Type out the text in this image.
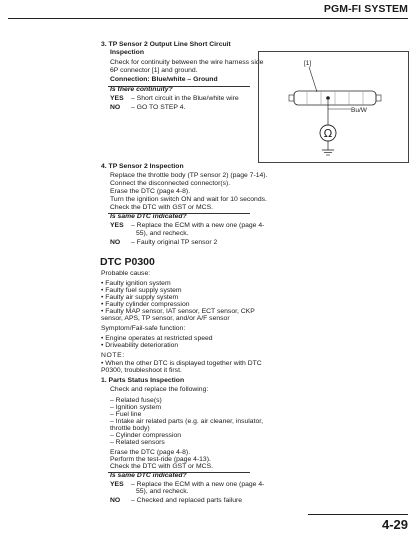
PGM-FI SYSTEM
3. TP Sensor 2 Output Line Short Circuit
Inspection
Check for continuity between the wire harness side
6P connector [1] and ground.
Connection: Blue/white – Ground
Is there continuity?
YES – Short circuit in the Blue/white wire
NO – GO TO STEP 4.
[1]
Bu/W
Ω
4. TP Sensor 2 Inspection
Replace the throttle body (TP sensor 2) (page 7-14).
Connect the disconnected connector(s).
Erase the DTC (page 4-8).
Turn the ignition switch ON and wait for 10 seconds.
Check the DTC with GST or MCS.
Is same DTC indicated?
YES – Replace the ECM with a new one (page 4-
55), and recheck.
NO – Faulty original TP sensor 2
DTC P0300
Probable cause:
• Faulty ignition system
• Faulty fuel supply system
• Faulty air supply system
• Faulty cylinder compression
• Faulty MAP sensor, IAT sensor, ECT sensor, CKP
sensor, APS, TP sensor, and/or A/F sensor
Symptom/Fail-safe function:
• Engine operates at restricted speed
• Driveability deterioration
NOTE:
• When the other DTC is displayed together with DTC
P0300, troubleshoot it first.
1. Parts Status Inspection
Check and replace the following:
– Related fuse(s)
– Ignition system
– Fuel line
– Intake air related parts (e.g. air cleaner, insulator,
throttle body)
– Cylinder compression
– Related sensors
Erase the DTC (page 4-8).
Perform the test-ride (page 4-13).
Check the DTC with GST or MCS.
Is same DTC indicated?
YES – Replace the ECM with a new one (page 4-
55), and recheck.
NO – Checked and replaced parts failure
4-29
